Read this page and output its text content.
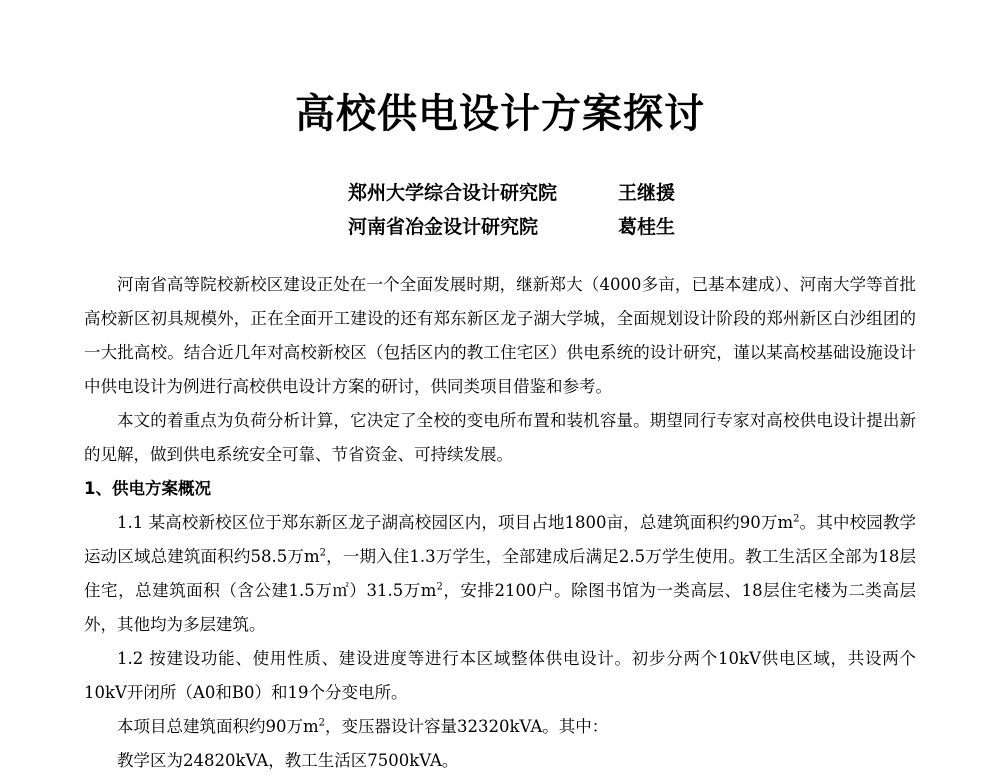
高校供电设计方案探讨
郑州大学综合设计研究院	王继援
河南省冶金设计研究院	葛桂生

河南省高等院校新校区建设正处在一个全面发展时期，继新郑大（4000多亩，已基本建成）、河南大学等首批高校新区初具规模外，正在全面开工建设的还有郑东新区龙子湖大学城，全面规划设计阶段的郑州新区白沙组团的一大批高校。结合近几年对高校新校区（包括区内的教工住宅区）供电系统的设计研究，谨以某高校基础设施设计中供电设计为例进行高校供电设计方案的研讨，供同类项目借鉴和参考。

本文的着重点为负荷分析计算，它决定了全校的变电所布置和装机容量。期望同行专家对高校供电设计提出新的见解，做到供电系统安全可靠、节省资金、可持续发展。

1、供电方案概况

1.1 某高校新校区位于郑东新区龙子湖高校园区内，项目占地1800亩，总建筑面积约90万$m^2$。其中校园教学运动区域总建筑面积约58.5万$m^2$，一期入住1.3万学生，全部建成后满足2.5万学生使用。教工生活区全部为18层住宅，总建筑面积（含公建1.5万㎡）31.5万$m^2$，安排2100户。除图书馆为一类高层、18层住宅楼为二类高层外，其他均为多层建筑。

1.2 按建设功能、使用性质、建设进度等进行本区域整体供电设计。初步分两个10kV供电区域，共设两个10kV开闭所（A0和B0）和19个分变电所。

本项目总建筑面积约90万$m^2$，变压器设计容量32320kVA。其中：

教学区为24820kVA，教工生活区7500kVA。
